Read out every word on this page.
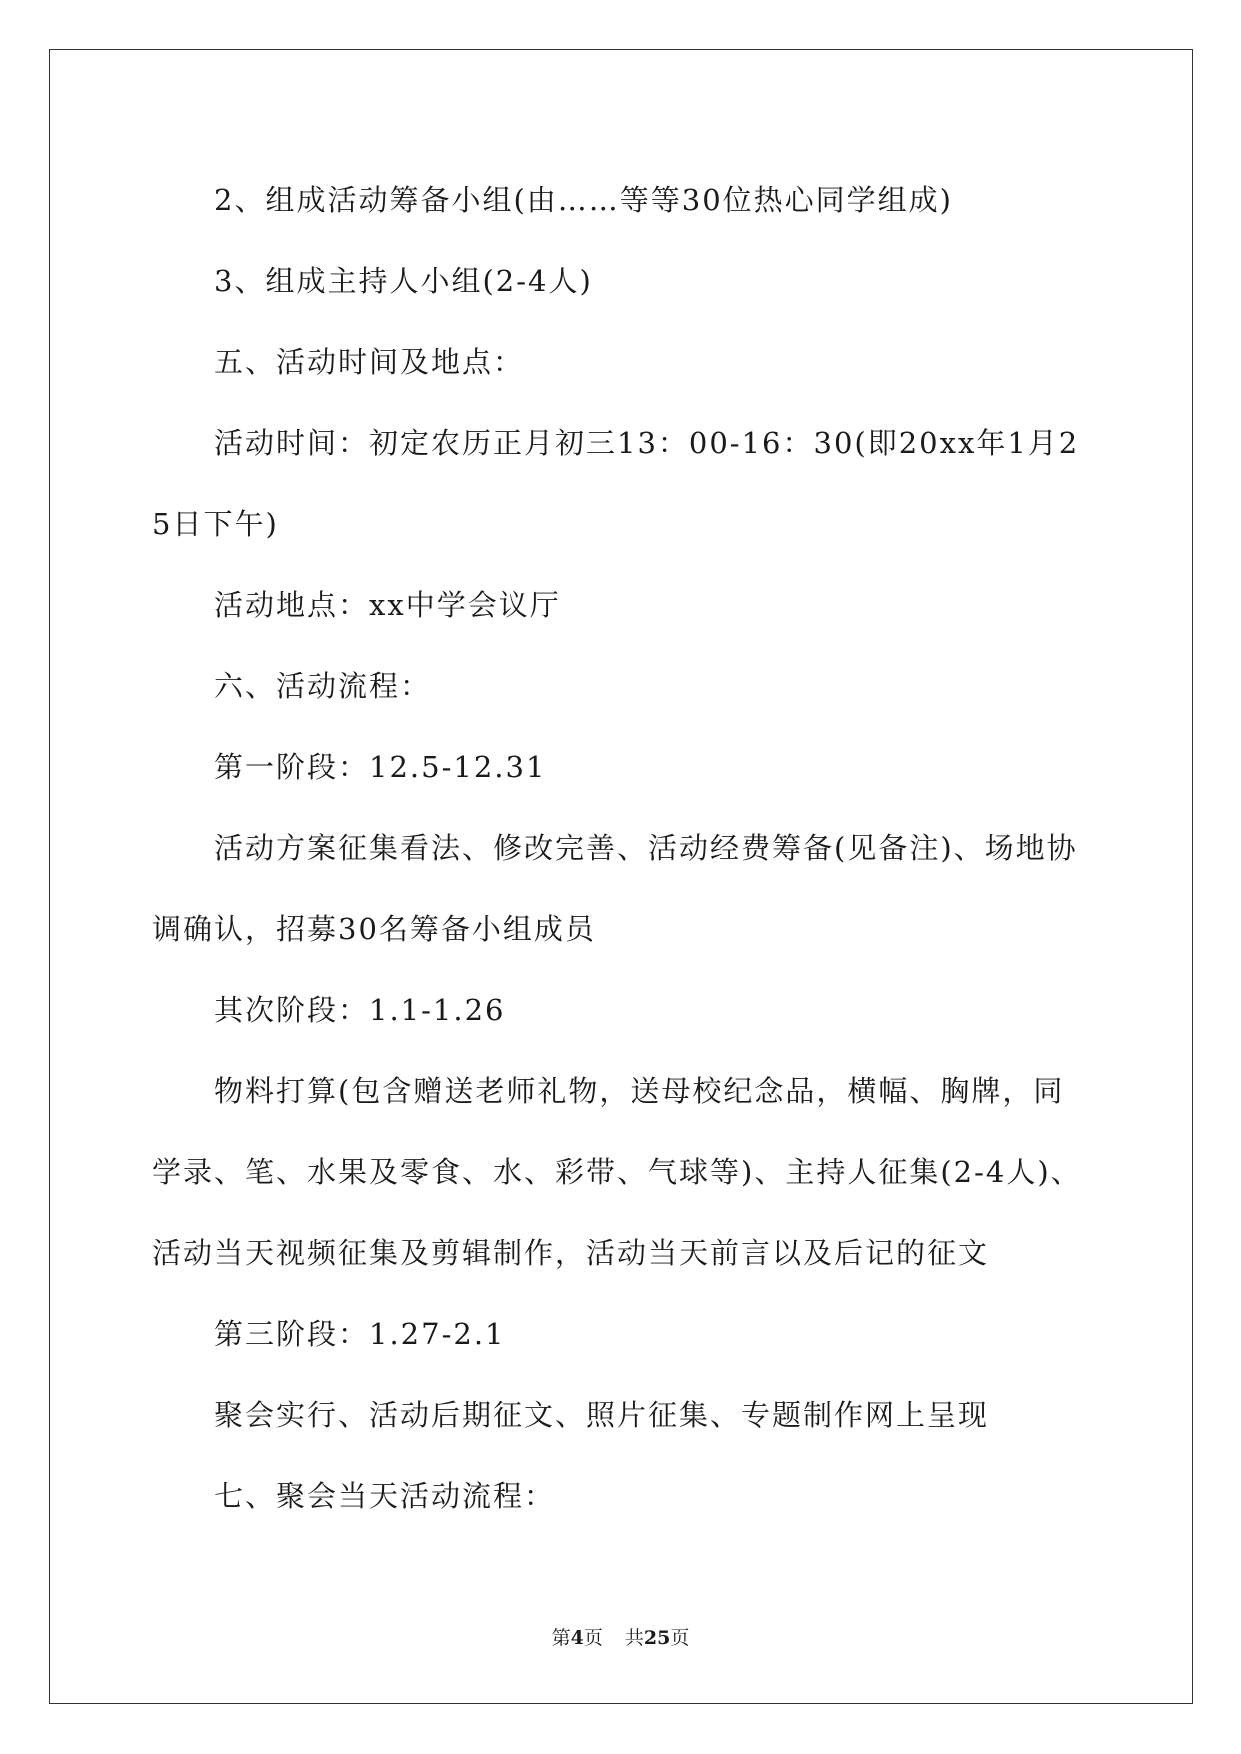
2、组成活动筹备小组(由……等等30位热心同学组成)

3、组成主持人小组(2-4人)

五、活动时间及地点：

活动时间：初定农历正月初三13：00-16：30(即20xx年1月25日下午)

活动地点：xx中学会议厅

六、活动流程：

第一阶段：12.5-12.31

活动方案征集看法、修改完善、活动经费筹备(见备注)、场地协调确认，招募30名筹备小组成员

其次阶段：1.1-1.26

物料打算(包含赠送老师礼物，送母校纪念品，横幅、胸牌，同学录、笔、水果及零食、水、彩带、气球等)、主持人征集(2-4人)、活动当天视频征集及剪辑制作，活动当天前言以及后记的征文

第三阶段：1.27-2.1

聚会实行、活动后期征文、照片征集、专题制作网上呈现

七、聚会当天活动流程：

第4页 共25页
